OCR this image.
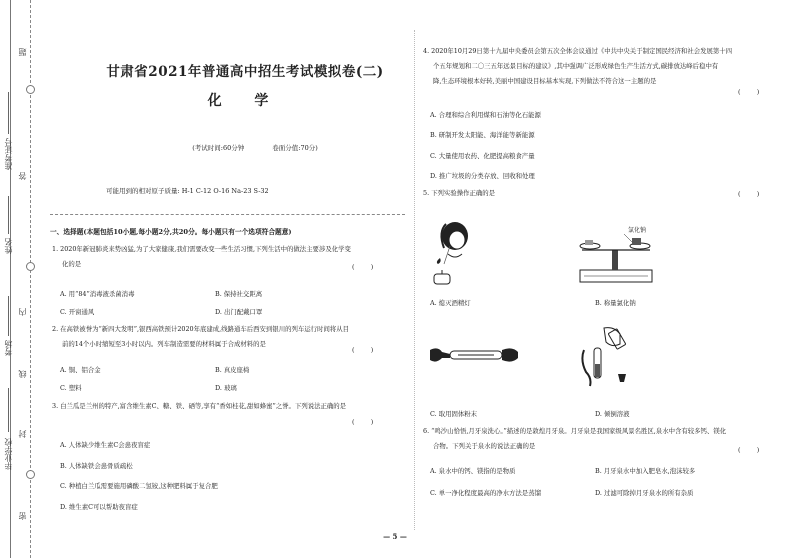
题
准考证号
答
姓名
内
考场
线
毕业学校
封
密
甘肃省2021年普通高中招生考试模拟卷(二)
化 学
(考试时间:60分钟	卷面分值:70分)
可能用到的相对原子质量: H-1 C-12 O-16 Na-23 S-32
一、选择题(本题包括10小题,每小题2分,共20分。每小题只有一个选项符合题意)
1. 2020年新冠肺炎来势凶猛,为了大家健康,我们需要改变一些生活习惯,下列生活中的做法主要涉及化学变
化的是	(        )
A. 用“84”消毒液杀菌消毒	B. 保持社交距离
C. 开窗通风	D. 出门配戴口罩
2. 在高铁被誉为“新四大发明”,银西高铁预计2020年底建成,线路通车后西安到银川的列车运行时间将从目
前的14个小时缩短至3小时以内。列车制造需要的材料属于合成材料的是
(        )
A. 铜、铝合金	B. 真皮座椅
C. 塑料	D. 玻璃
3. 白兰瓜是兰州的特产,富含维生素C、糖、铁、硒等,享有“香如桂花,甜如蜂蜜”之誉。下列说法正确的是
(        )
A. 人体缺少维生素C会患夜盲症
B. 人体缺铁会患骨质疏松
C. 种植白兰瓜需要施用磷酸二氢铵,这种肥料属于复合肥
D. 维生素C可以帮助夜盲症
4. 2020年10月29日第十九届中央委员会第五次全体会议通过《中共中央关于制定国民经济和社会发展第十四
个五年规划和二〇三五年远景目标的建议》,其中强调广泛形成绿色生产生活方式,碳排放达峰后稳中有
降,生态环境根本好转,美丽中国建设目标基本实现,下列做法不符合这一主题的是
(        )
A. 合理和综合利用煤和石油等化石能源
B. 研制开发太阳能、海洋能等新能源
C. 大量使用农药、化肥提高粮食产量
D. 推广垃圾的分类存放、回收和处理
5. 下列实验操作正确的是	(        )
氯化钠
A. 熄灭酒精灯	B. 称量氯化钠
C. 取用固体粉末	D. 倾倒溶液
6. “鸣沙山恰悟,月牙泉洗心。”描述的是敦煌月牙泉。月牙泉是我国家级风景名胜区,泉水中含有较多钙、镁化
合物。下列关于泉水的说法正确的是	(        )
A. 泉水中的钙、镁指的是物质	B. 月牙泉水中加入肥皂水,泡沫较多
C. 单一净化程度最高的净水方法是蒸馏	D. 过滤可除掉月牙泉水的所有杂质
— 5 —
